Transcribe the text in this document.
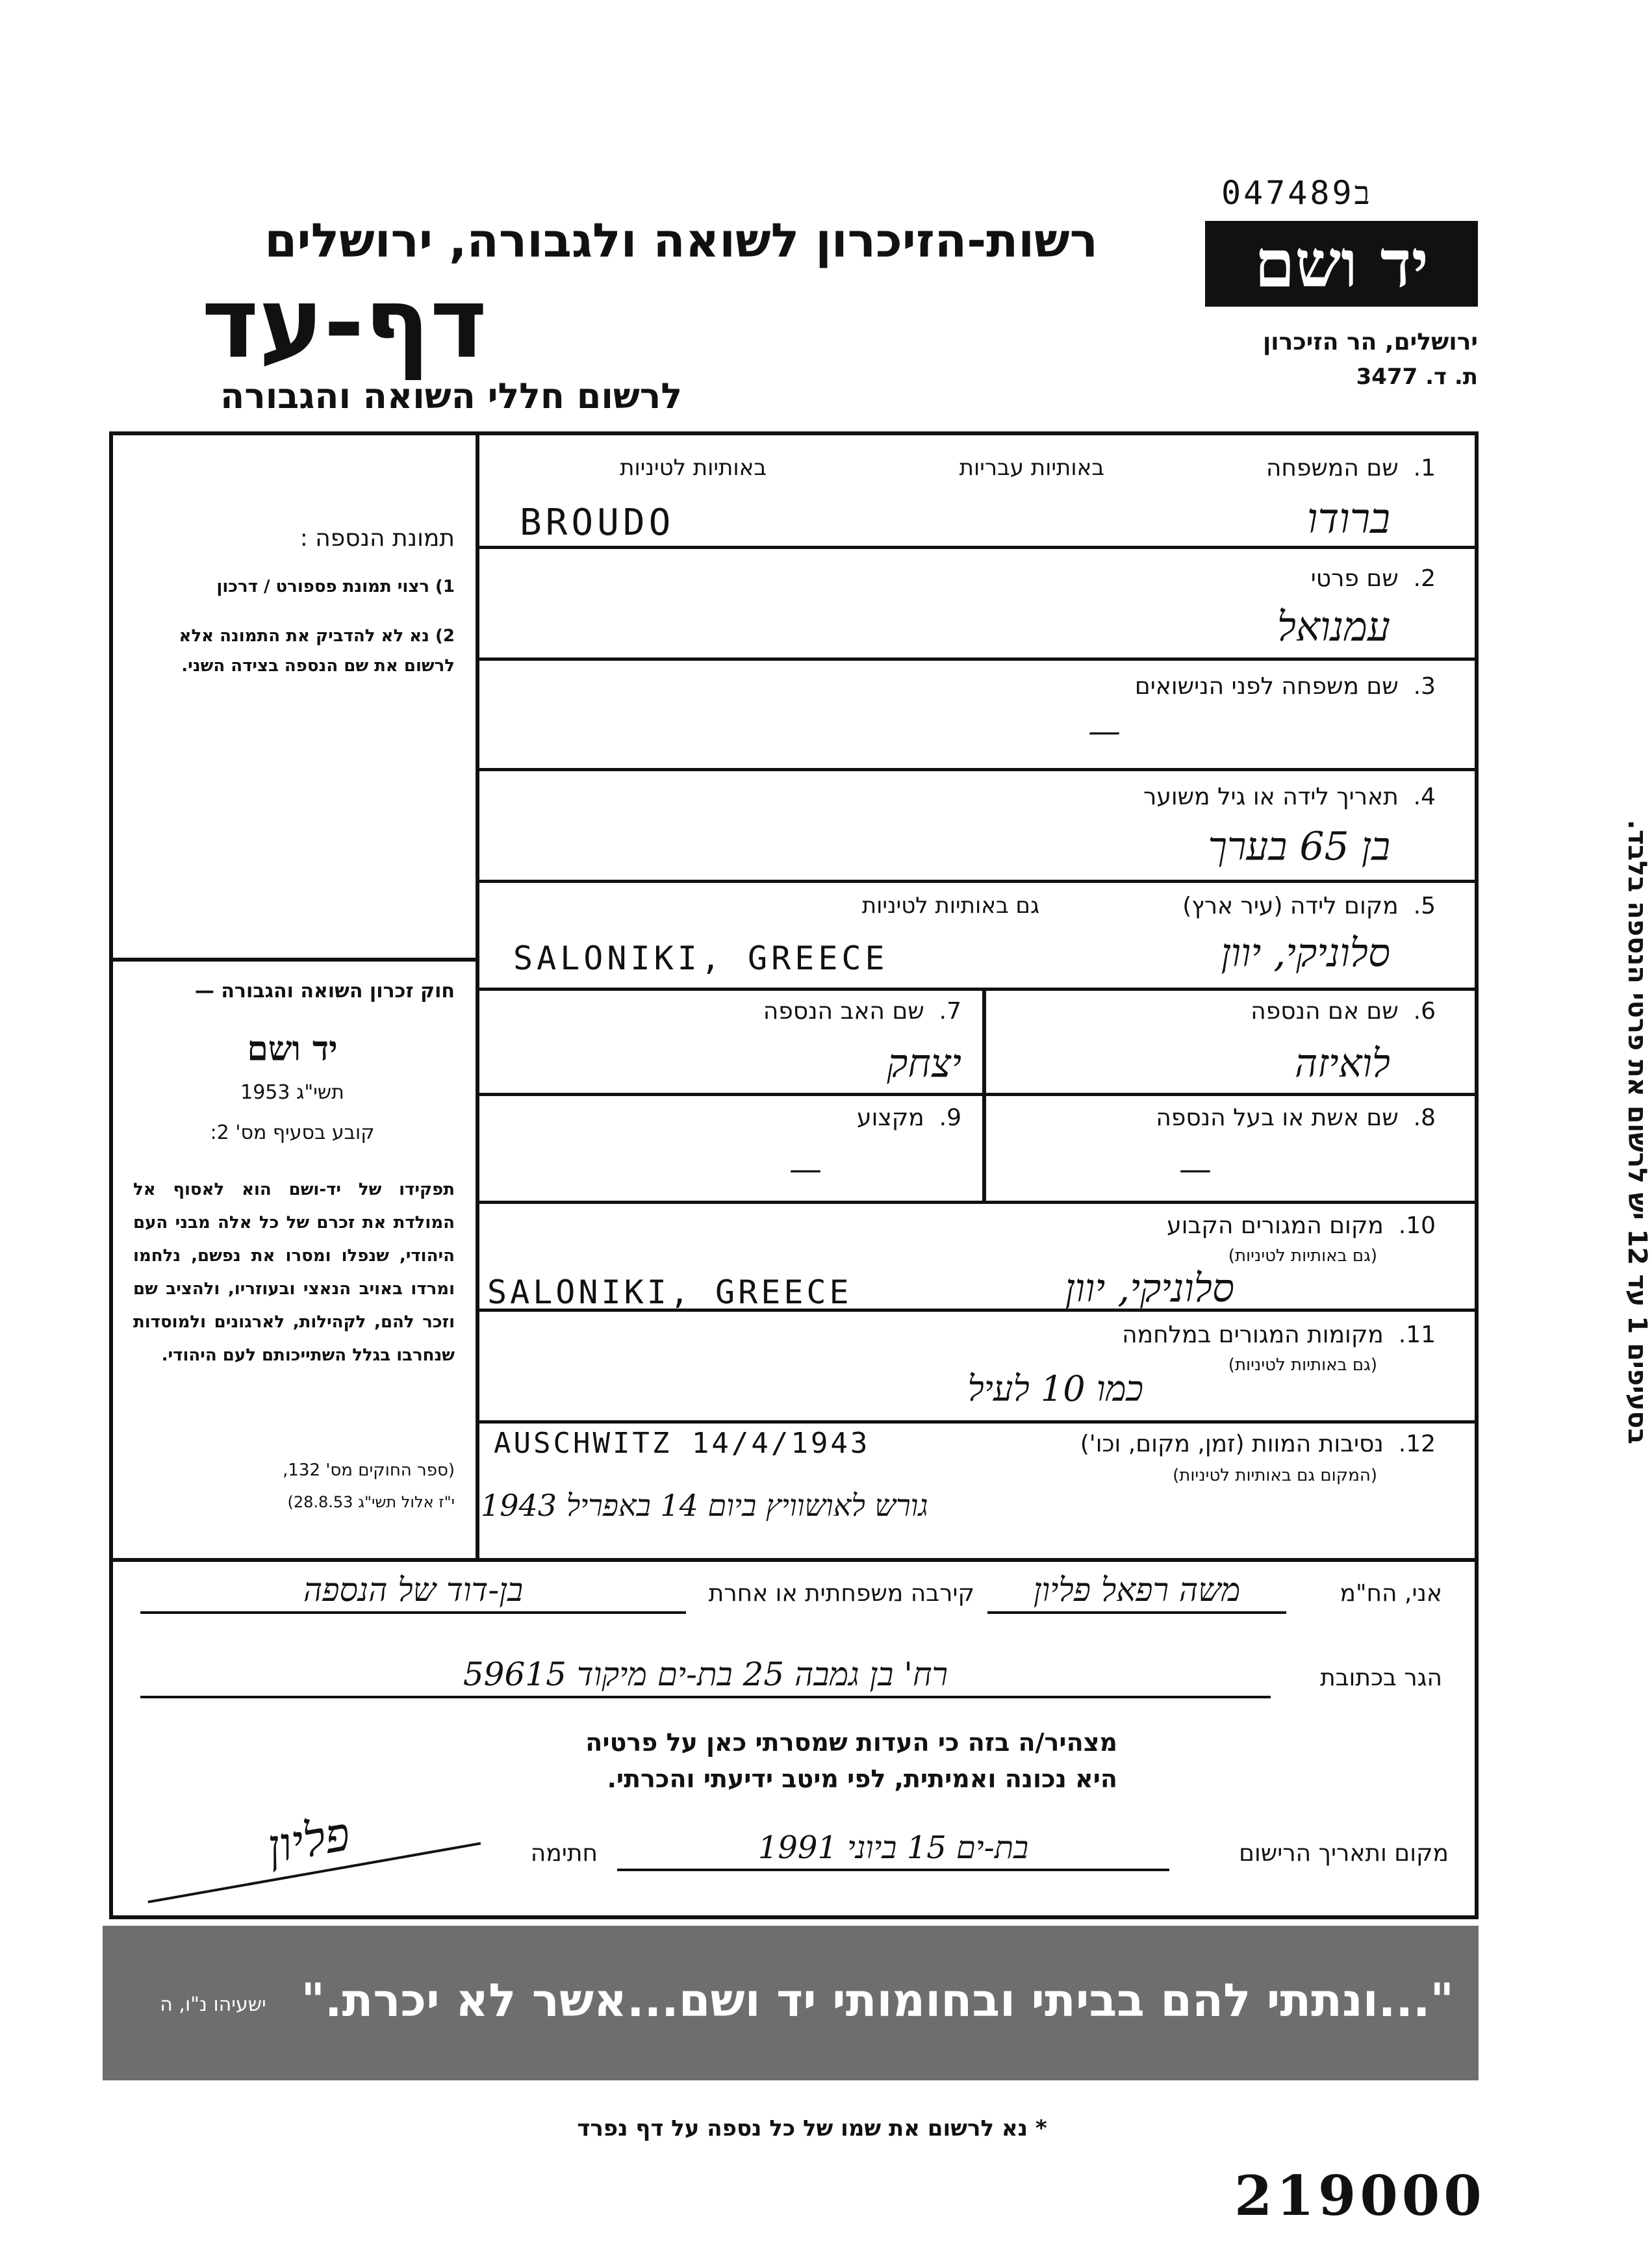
ב047489
יד ושם
ירושלים, הר הזיכרון
ת. ד. 3477
רשות-הזיכרון לשואה ולגבורה, ירושלים
דף-עד
לרשום חללי השואה והגבורה
תמונת הנספה :
1) רצוי תמונת פספורט / דרכון
2) נא לא להדביק את התמונה אלא לרשום את שם הנספה בצידה השני.
חוק זכרון השואה והגבורה —
יד ושם
תשי"ג 1953
קובע בסעיף מס' 2:
תפקידו של יד-ושם הוא לאסוף אל המולדת את זכרם של כל אלה מבני העם היהודי, שנפלו ומסרו את נפשם, נלחמו ומרדו באויב הנאצי ובעוזריו, ולהציב שם וזכר להם, לקהילות, לארגונים ולמוסדות שנחרבו בגלל השתייכותם לעם היהודי.
(ספר החוקים מס' 132,
י"ז אלול תשי"ג 28.8.53)
בסעיפים 1 עד 12 יש לרשום את פרטי הנספה בלבד.
1.  שם המשפחה
באותיות עבריות
באותיות לטיניות
ברודו
BROUDO
2.  שם פרטי
עמנואל
3.  שם משפחה לפני הנישואים
—
4.  תאריך לידה או גיל משוער
בן 65 בערך
5.  מקום לידה (עיר ארץ)
גם באותיות לטיניות
סלוניקי, יוון
SALONIKI, GREECE
6.  שם אם הנספה
לואיזה
7.  שם האב הנספה
יצחק
8.  שם אשת או בעל הנספה
—
9.  מקצוע
—
10.  מקום המגורים הקבוע
(גם באותיות לטיניות)
סלוניקי, יוון
SALONIKI, GREECE
11.  מקומות המגורים במלחמה
(גם באותיות לטיניות)
כמו 10 לעיל
12.  נסיבות המוות (זמן, מקום, וכו')
(המקום גם באותיות לטיניות)
AUSCHWITZ 14/4/1943
גורש לאושוויץ ביום 14 באפריל 1943
אני, הח"מ
משה רפאל פליון
קירבה משפחתית או אחרת
בן-דוד של הנספה
הגר בכתובת
רח' בן גמבה 25 בת-ים מיקוד 59615
מצהיר/ה בזה כי העדות שמסרתי כאן על פרטיה
היא נכונה ואמיתית, לפי מיטב ידיעתי והכרתי.
מקום ותאריך הרישום
בת-ים 15 ביוני 1991
חתימה
פליון
"...ונתתי להם בביתי ובחומותי יד ושם...אשר לא יכרת."
ישעיהו נ"ו, ה
* נא לרשום את שמו של כל נספה על דף נפרד
219000
